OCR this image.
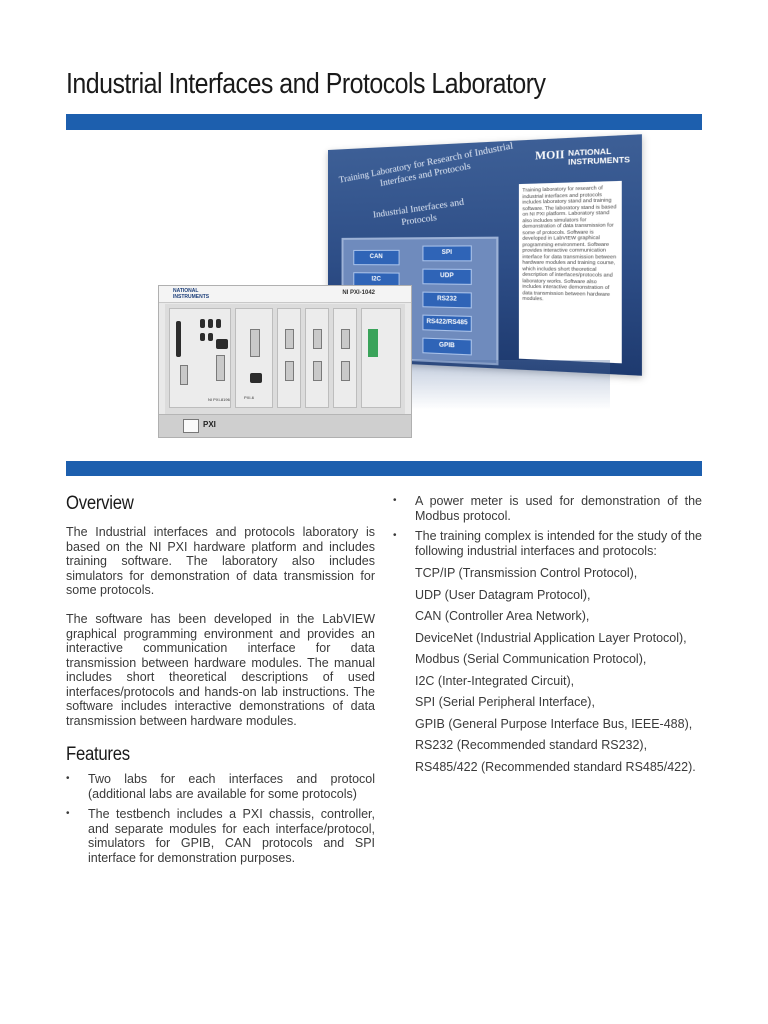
Industrial Interfaces and Protocols Laboratory
Training Laboratory for Research of Industrial Interfaces and Protocols
Industrial Interfaces and Protocols
MOII NATIONAL INSTRUMENTS
CAN
SPI
I2C
UDP
RS232
RS422/RS485
GPIB
Training laboratory for research of industrial interfaces and protocols includes laboratory stand and training software. The laboratory stand is based on NI PXI platform. Laboratory stand also includes simulators for demonstration of data transmission for some of protocols. Software is developed in LabVIEW graphical programming environment. Software provides interactive communication interface for data transmission between hardware modules and training course, which includes short theoretical description of interfaces/protocols and laboratory works. Software also includes interactive demonstration of data transmission between hardware modules.
NATIONAL INSTRUMENTS
NI PXI-1042
NI PXI-8196	PXI-6
PXI
Overview
The Industrial interfaces and protocols laboratory is based on the NI PXI hardware platform and includes training software. The laboratory also includes simulators for demonstration of data transmission for some protocols.
The software has been developed in the LabVIEW graphical programming environment and provides an interactive communication interface for data transmission between hardware modules. The manual includes short theoretical descriptions of used interfaces/protocols and hands-on lab instructions. The software includes interactive demonstrations of data transmission between hardware modules.
Features
• Two labs for each interfaces and protocol (additional labs are available for some protocols)
• The testbench includes a PXI chassis, controller, and separate modules for each interface/protocol, simulators for GPIB, CAN protocols and SPI interface for demonstration purposes.
• A power meter is used for demonstration of the Modbus protocol.
• The training complex is intended for the study of the following industrial interfaces and protocols:
TCP/IP (Transmission Control Protocol),
UDP (User Datagram Protocol),
CAN (Controller Area Network),
DeviceNet (Industrial Application Layer Protocol),
Modbus (Serial Communication Protocol),
I2C (Inter-Integrated Circuit),
SPI (Serial Peripheral Interface),
GPIB (General Purpose Interface Bus, IEEE-488),
RS232 (Recommended standard RS232),
RS485/422 (Recommended standard RS485/422).
